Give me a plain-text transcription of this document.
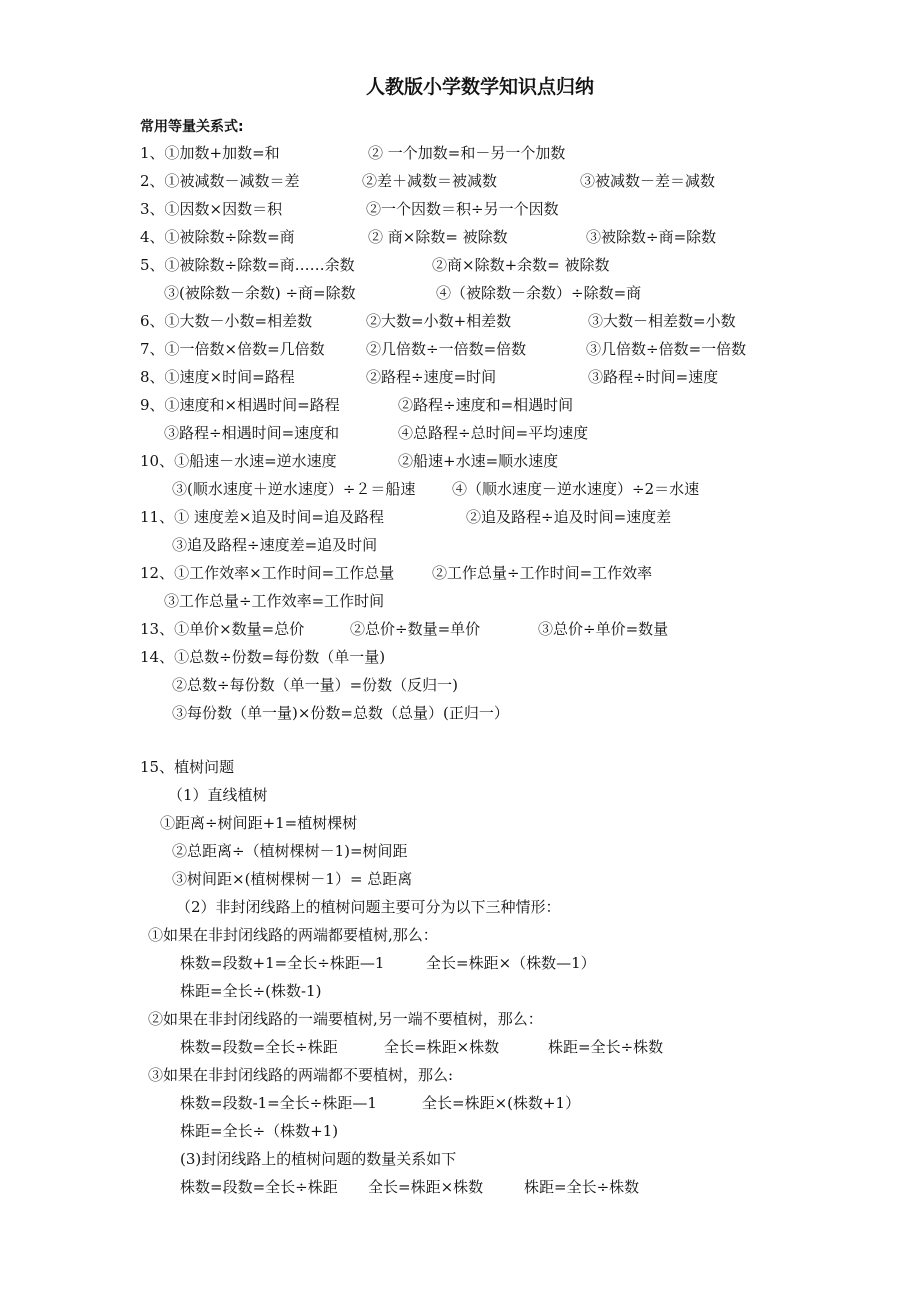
人教版小学数学知识点归纳
常用等量关系式:
1、①加数+加数=和	② 一个加数=和－另一个加数
2、①被减数－减数＝差	②差＋减数＝被减数	③被减数－差＝减数
3、①因数×因数＝积	②一个因数＝积÷另一个因数
4、①被除数÷除数=商	② 商×除数= 被除数	③被除数÷商=除数
5、①被除数÷除数=商……余数	②商×除数+余数= 被除数
③(被除数－余数) ÷商=除数	④（被除数－余数）÷除数=商
6、①大数－小数=相差数	②大数=小数+相差数	③大数－相差数=小数
7、①一倍数×倍数=几倍数	②几倍数÷一倍数=倍数	③几倍数÷倍数=一倍数
8、①速度×时间=路程	②路程÷速度=时间	③路程÷时间=速度
9、①速度和×相遇时间=路程	②路程÷速度和=相遇时间
③路程÷相遇时间=速度和	④总路程÷总时间=平均速度
10、①船速－水速=逆水速度	②船速+水速=顺水速度
③(顺水速度＋逆水速度）÷２＝船速 ④（顺水速度－逆水速度）÷2＝水速
11、① 速度差×追及时间=追及路程	②追及路程÷追及时间=速度差
③追及路程÷速度差=追及时间
12、①工作效率×工作时间=工作总量	②工作总量÷工作时间=工作效率
③工作总量÷工作效率=工作时间
13、①单价×数量=总价	②总价÷数量=单价	③总价÷单价=数量
14、①总数÷份数=每份数（单一量)
②总数÷每份数（单一量）=份数（反归一)
③每份数（单一量)×份数=总数（总量）(正归一）
15、植树问题
（1）直线植树
①距离÷树间距+1=植树棵树
②总距离÷（植树棵树－1)=树间距
③树间距×(植树棵树－1）= 总距离
（2）非封闭线路上的植树问题主要可分为以下三种情形：
①如果在非封闭线路的两端都要植树,那么：
株数=段数+1=全长÷株距—1	全长=株距×（株数—1）
株距=全长÷(株数-1)
②如果在非封闭线路的一端要植树,另一端不要植树，那么：
株数=段数=全长÷株距	全长=株距×株数	株距=全长÷株数
③如果在非封闭线路的两端都不要植树，那么:
株数=段数-1=全长÷株距—1	全长=株距×(株数+1）
株距=全长÷（株数+1)
(3)封闭线路上的植树问题的数量关系如下
株数=段数=全长÷株距 全长=株距×株数	株距=全长÷株数
